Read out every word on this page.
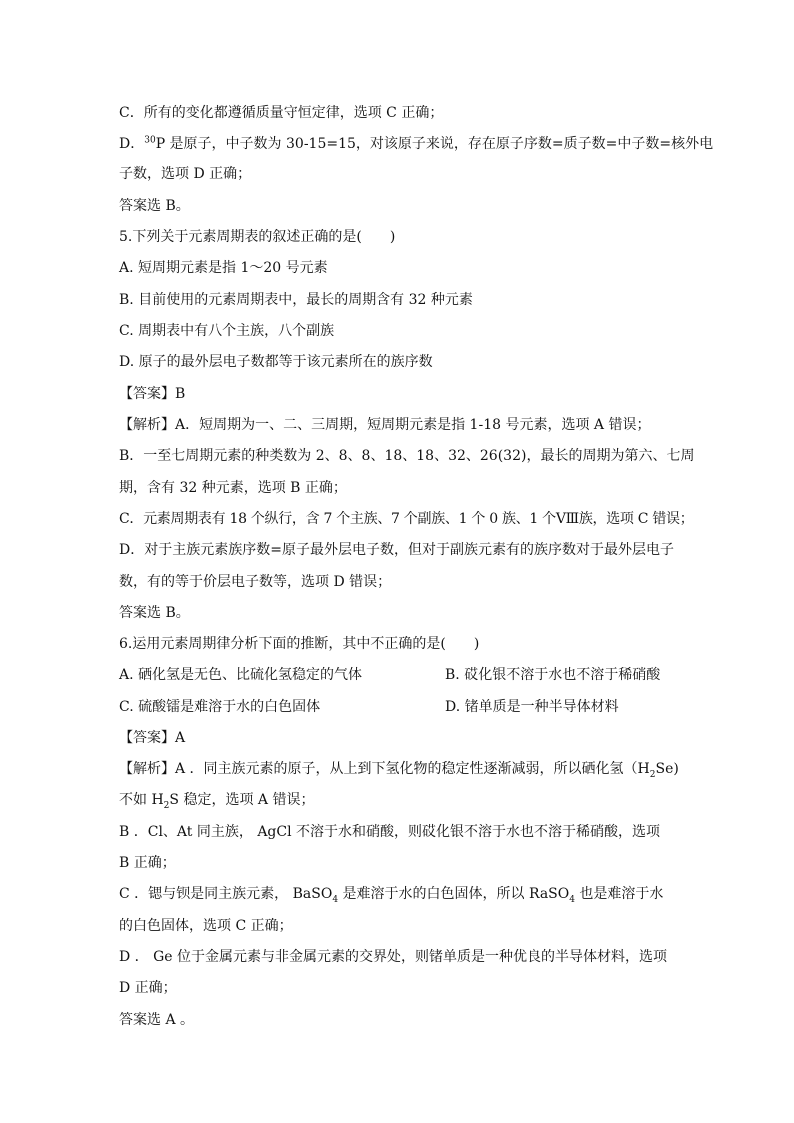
C．所有的变化都遵循质量守恒定律，选项 C 正确；
D．$^{30}$P 是原子，中子数为 30-15=15，对该原子来说，存在原子序数=质子数=中子数=核外电
子数，选项 D 正确；
答案选 B。
5.下列关于元素周期表的叙述正确的是(　　)
A. 短周期元素是指 1～20 号元素
B. 目前使用的元素周期表中，最长的周期含有 32 种元素
C. 周期表中有八个主族，八个副族
D. 原子的最外层电子数都等于该元素所在的族序数
【答案】B
【解析】A．短周期为一、二、三周期，短周期元素是指 1-18 号元素，选项 A 错误；
B．一至七周期元素的种类数为 2、8、8、18、18、32、26(32)，最长的周期为第六、七周
期，含有 32 种元素，选项 B 正确；
C．元素周期表有 18 个纵行，含 7 个主族、7 个副族、1 个 0 族、1 个ⅤⅢ族，选项 C 错误；
D．对于主族元素族序数=原子最外层电子数，但对于副族元素有的族序数对于最外层电子
数，有的等于价层电子数等，选项 D 错误；
答案选 B。
6.运用元素周期律分析下面的推断，其中不正确的是(　　)
A. 硒化氢是无色、比硫化氢稳定的气体	B. 砹化银不溶于水也不溶于稀硝酸
C. 硫酸镭是难溶于水的白色固体	D. 锗单质是一种半导体材料
【答案】A
【解析】A ．同主族元素的原子，从上到下氢化物的稳定性逐渐减弱，所以硒化氢$(H_2Se)$
不如 $H_2S$ 稳定，选项 A 错误；
B ．Cl、At 同主族， AgCl 不溶于水和硝酸，则砹化银不溶于水也不溶于稀硝酸，选项
B 正确；
C ．锶与钡是同主族元素， BaSO$_4$ 是难溶于水的白色固体，所以 RaSO$_4$ 也是难溶于水
的白色固体，选项 C 正确；
D ． Ge 位于金属元素与非金属元素的交界处，则锗单质是一种优良的半导体材料，选项
D 正确；
答案选 A 。
